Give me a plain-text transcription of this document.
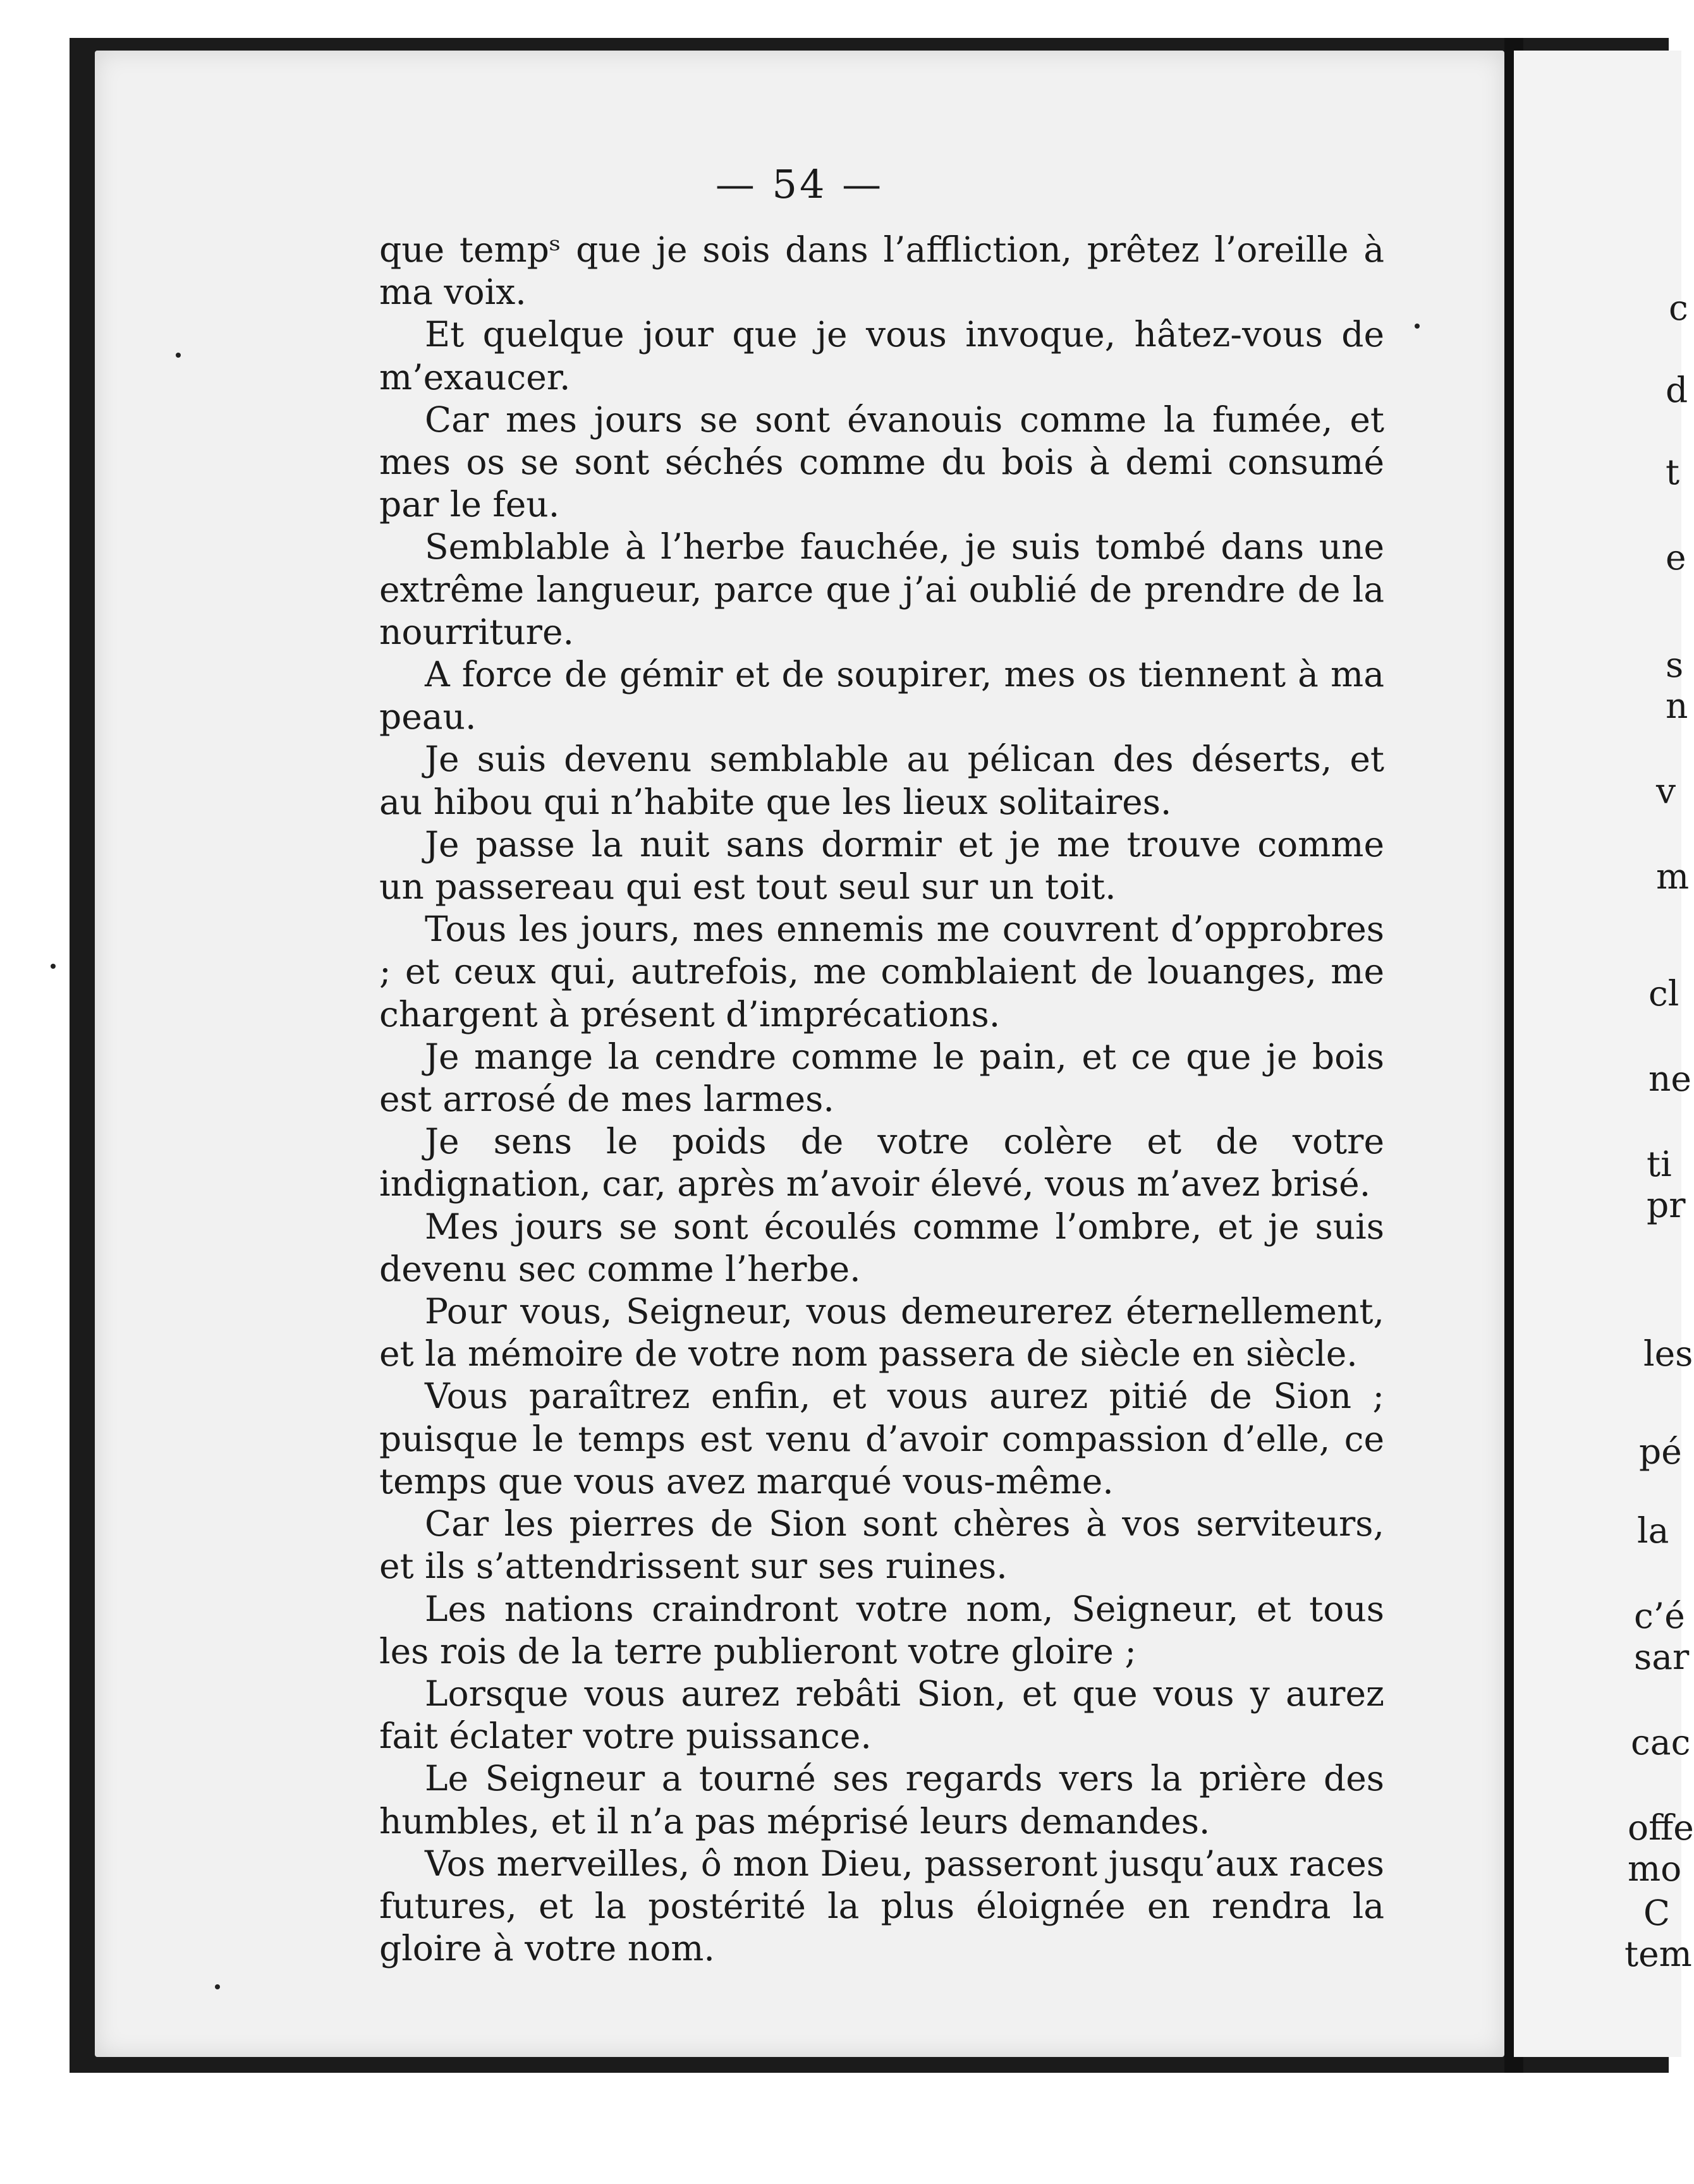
c
d
t
e
s
n
v
m
cl
ne
ti
pr
les
pé
la
c’é
sar
cac
offe
mo
C
tem
— 54 —

que tempˢ que je sois dans l’affliction, prêtez l’oreille à ma voix.

Et quelque jour que je vous invoque, hâtez-vous de m’exaucer.

Car mes jours se sont évanouis comme la fumée, et mes os se sont séchés comme du bois à demi consumé par le feu.

Semblable à l’herbe fauchée, je suis tombé dans une extrême langueur, parce que j’ai oublié de prendre de la nourriture.

A force de gémir et de soupirer, mes os tiennent à ma peau.

Je suis devenu semblable au pélican des déserts, et au hibou qui n’habite que les lieux solitaires.

Je passe la nuit sans dormir et je me trouve comme un passereau qui est tout seul sur un toit.

Tous les jours, mes ennemis me couvrent d’opprobres ; et ceux qui, autrefois, me comblaient de louanges, me chargent à présent d’imprécations.

Je mange la cendre comme le pain, et ce que je bois est arrosé de mes larmes.

Je sens le poids de votre colère et de votre indignation, car, après m’avoir élevé, vous m’avez brisé.

Mes jours se sont écoulés comme l’ombre, et je suis devenu sec comme l’herbe.

Pour vous, Seigneur, vous demeurerez éternellement, et la mémoire de votre nom passera de siècle en siècle.

Vous paraîtrez enfin, et vous aurez pitié de Sion ; puisque le temps est venu d’avoir compassion d’elle, ce temps que vous avez marqué vous-même.

Car les pierres de Sion sont chères à vos serviteurs, et ils s’attendrissent sur ses ruines.

Les nations craindront votre nom, Seigneur, et tous les rois de la terre publieront votre gloire ;

Lorsque vous aurez rebâti Sion, et que vous y aurez fait éclater votre puissance.

Le Seigneur a tourné ses regards vers la prière des humbles, et il n’a pas méprisé leurs demandes.

Vos merveilles, ô mon Dieu, passeront jusqu’aux races futures, et la postérité la plus éloignée en rendra la gloire à votre nom.
